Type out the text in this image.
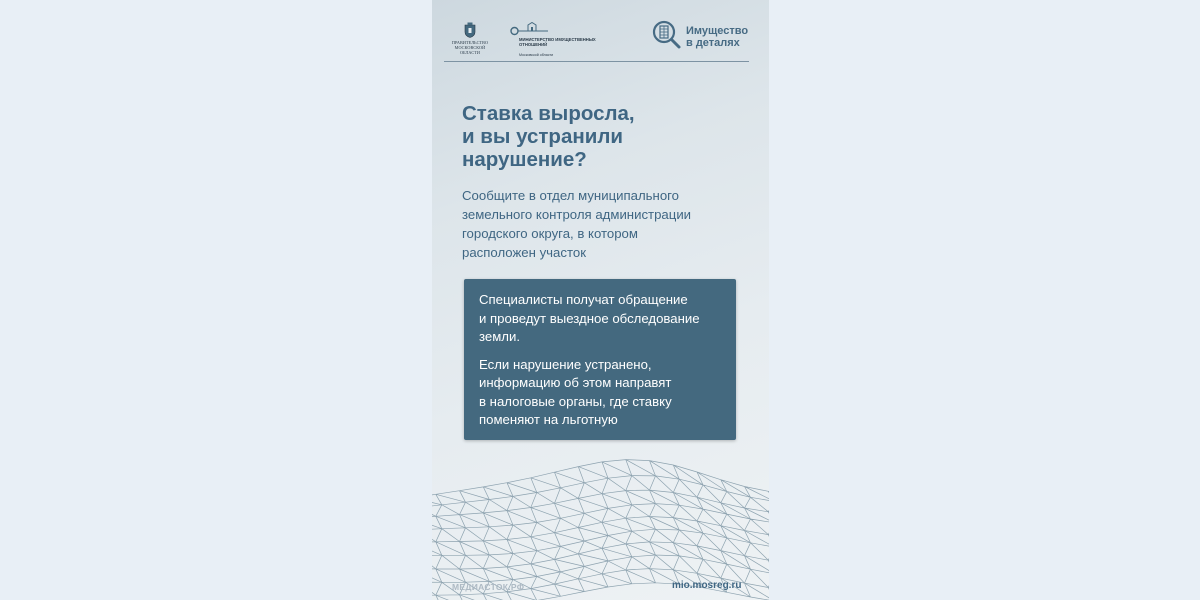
ПРАВИТЕЛЬСТВО МОСКОВСКОЙ ОБЛАСТИ
МИНИСТЕРСТВО ИМУЩЕСТВЕННЫХ ОТНОШЕНИЙ
Московской области
Имущество
в деталях
Ставка выросла,
и вы устранили
нарушение?
Сообщите в отдел муниципального
земельного контроля администрации
городского округа, в котором
расположен участок

Специалисты получат обращение
и проведут выездное обследование
земли.

Если нарушение устранено,
информацию об этом направят
в налоговые органы, где ставку
поменяют на льготную

МЕДИАСТОК.РФ	mio.mosreg.ru
